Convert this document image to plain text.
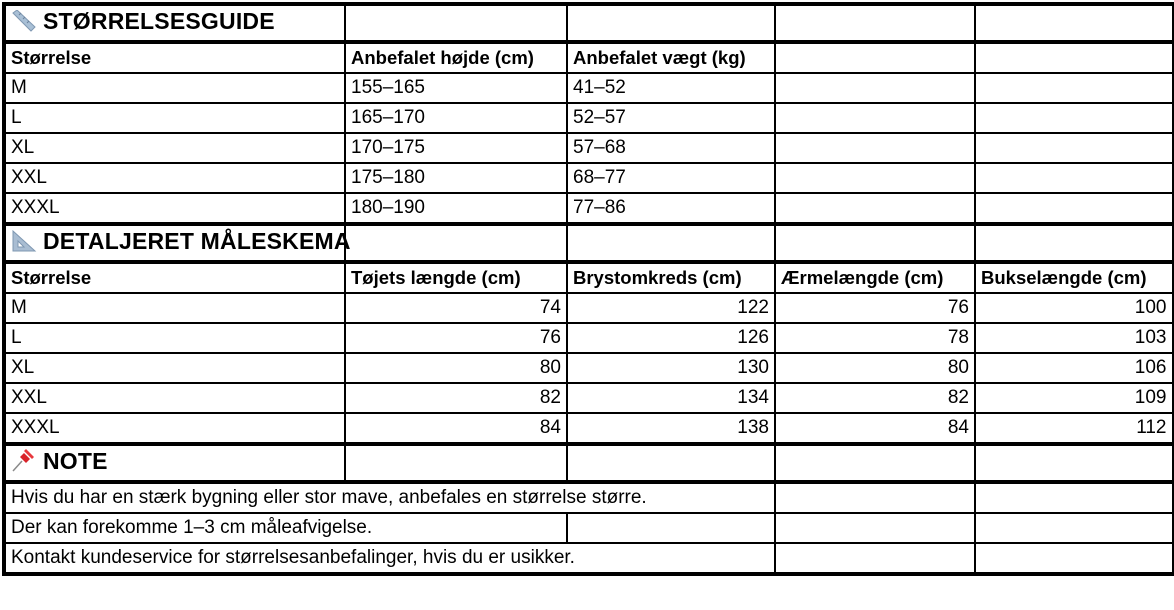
STØRRELSESGUIDE				
Størrelse	Anbefalet højde (cm)	Anbefalet vægt (kg)		
M	155–165	41–52		
L	165–170	52–57		
XL	170–175	57–68		
XXL	175–180	68–77		
XXXL	180–190	77–86		
DETALJERET MÅLESKEMA				
Størrelse	Tøjets længde (cm)	Brystomkreds (cm)	Ærmelængde (cm)	Bukselængde (cm)
M	74	122	76	100
L	76	126	78	103
XL	80	130	80	106
XXL	82	134	82	109
XXXL	84	138	84	112
NOTE				
Hvis du har en stærk bygning eller stor mave, anbefales en størrelse større.				
Der kan forekomme 1–3 cm måleafvigelse.				
Kontakt kundeservice for størrelsesanbefalinger, hvis du er usikker.				
